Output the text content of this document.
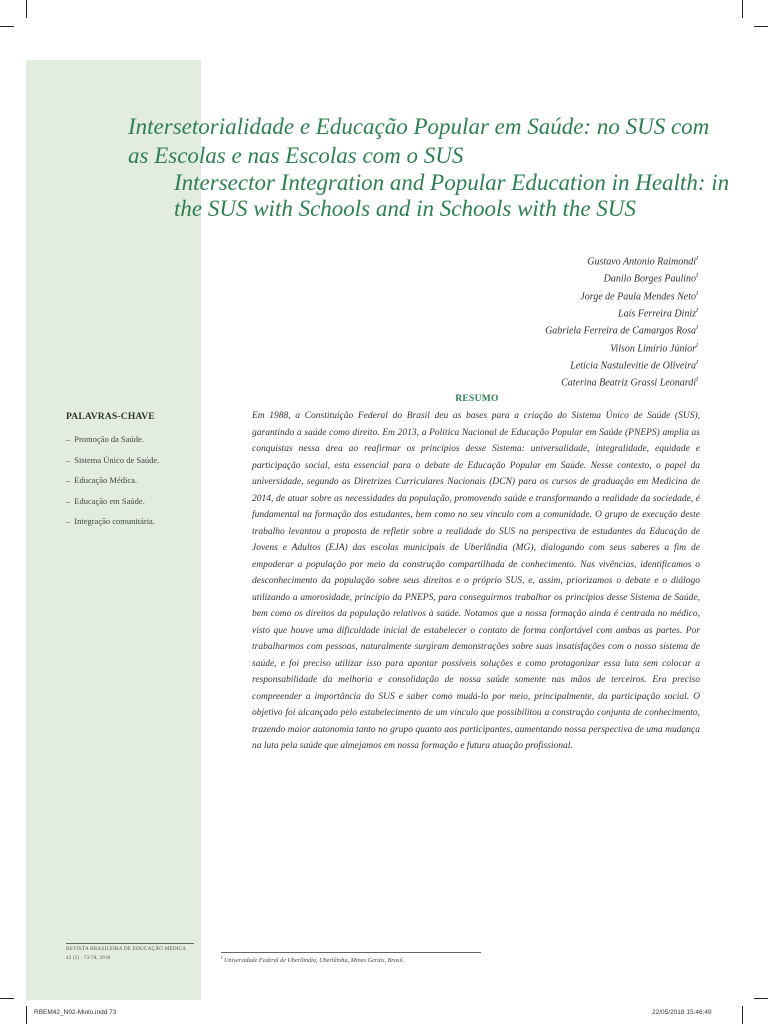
Intersetorialidade e Educação Popular em Saúde: no SUS com as Escolas e nas Escolas com o SUS
Intersector Integration and Popular Education in Health: in the SUS with Schools and in Schools with the SUS
Gustavo Antonio Raimondi$^I$
Danilo Borges Paulino$^I$
Jorge de Paula Mendes Neto$^I$
Laís Ferreira Diniz$^I$
Gabriela Ferreira de Camargos Rosa$^I$
Vilson Limírio Júnior$^I$
Letícia Nastulevitie de Oliveira$^I$
Caterina Beatriz Grassi Leonardi$^I$
RESUMO
Em 1988, a Constituição Federal do Brasil deu as bases para a criação do Sistema Único de Saúde (SUS), garantindo a saúde como direito. Em 2013, a Política Nacional de Educação Popular em Saúde (PNEPS) amplia as conquistas nessa área ao reafirmar os princípios desse Sistema: universalidade, integralidade, equidade e participação social, esta essencial para o debate de Educação Popular em Saúde. Nesse contexto, o papel da universidade, segundo as Diretrizes Curriculares Nacionais (DCN) para os cursos de graduação em Medicina de 2014, de atuar sobre as necessidades da população, promovendo saúde e transformando a realidade da sociedade, é fundamental na formação dos estudantes, bem como no seu vínculo com a comunidade. O grupo de execução deste trabalho levantou a proposta de refletir sobre a realidade do SUS na perspectiva de estudantes da Educação de Jovens e Adultos (EJA) das escolas municipais de Uberlândia (MG), dialogando com seus saberes a fim de empoderar a população por meio da construção compartilhada de conhecimento. Nas vivências, identificamos o desconhecimento da população sobre seus direitos e o próprio SUS, e, assim, priorizamos o debate e o diálogo utilizando a amorosidade, princípio da PNEPS, para conseguirmos trabalhar os princípios desse Sistema de Saúde, bem como os direitos da população relativos à saúde. Notamos que a nossa formação ainda é centrada no médico, visto que houve uma dificuldade inicial de estabelecer o contato de forma confortável com ambas as partes. Por trabalharmos com pessoas, naturalmente surgiram demonstrações sobre suas insatisfações com o nosso sistema de saúde, e foi preciso utilizar isso para apontar possíveis soluções e como protagonizar essa luta sem colocar a responsabilidade da melhoria e consolidação de nossa saúde somente nas mãos de terceiros. Era preciso compreender a importância do SUS e saber como mudá-lo por meio, principalmente, da participação social. O objetivo foi alcançado pelo estabelecimento de um vínculo que possibilitou a construção conjunta de conhecimento, trazendo maior autonomia tanto no grupo quanto aos participantes, aumentando nossa perspectiva de uma mudança na luta pela saúde que almejamos em nossa formação e futura atuação profissional.
PALAVRAS-CHAVE
– Promoção da Saúde.
– Sistema Único de Saúde.
– Educação Médica.
– Educação em Saúde.
– Integração comunitária.
REVISTA BRASILEIRA DE EDUCAÇÃO MÉDICA
42 (2) : 73-78; 2018	$^I$ Universidade Federal de Uberlândia, Uberlândia, Minas Gerais, Brasil.
RBEM42_N02-Miolo.indd 73	22/05/2018 15:46:49
